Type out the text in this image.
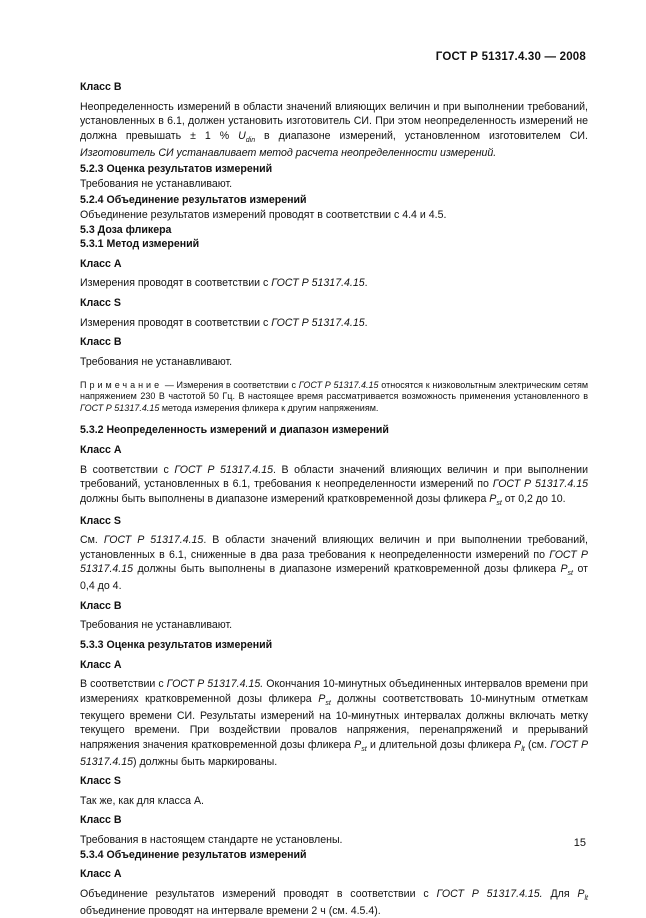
ГОСТ Р 51317.4.30 — 2008
Класс В

Неопределенность измерений в области значений влияющих величин и при выполнении требований, установленных в 6.1, должен установить изготовитель СИ. При этом неопределенность измерений не должна превышать ± 1 % $U_{din}$ в диапазоне измерений, установленном изготовителем СИ. Изготовитель СИ устанавливает метод расчета неопределенности измерений.

5.2.3 Оценка результатов измерений

Требования не устанавливают.

5.2.4 Объединение результатов измерений

Объединение результатов измерений проводят в соответствии с 4.4 и 4.5.

5.3 Доза фликера
5.3.1 Метод измерений
Класс А

Измерения проводят в соответствии с ГОСТ Р 51317.4.15.

Класс S

Измерения проводят в соответствии с ГОСТ Р 51317.4.15.

Класс В

Требования не устанавливают.

Примечание — Измерения в соответствии с ГОСТ Р 51317.4.15 относятся к низковольтным электрическим сетям напряжением 230 В частотой 50 Гц. В настоящее время рассматривается возможность применения установленного в ГОСТ Р 51317.4.15 метода измерения фликера к другим напряжениям.

5.3.2 Неопределенность измерений и диапазон измерений
Класс А

В соответствии с ГОСТ Р 51317.4.15. В области значений влияющих величин и при выполнении требований, установленных в 6.1, требования к неопределенности измерений по ГОСТ Р 51317.4.15 должны быть выполнены в диапазоне измерений кратковременной дозы фликера $P_{st}$ от 0,2 до 10.

Класс S

См. ГОСТ Р 51317.4.15. В области значений влияющих величин и при выполнении требований, установленных в 6.1, сниженные в два раза требования к неопределенности измерений по ГОСТ Р 51317.4.15 должны быть выполнены в диапазоне измерений кратковременной дозы фликера $P_{st}$ от 0,4 до 4.

Класс В

Требования не устанавливают.

5.3.3 Оценка результатов измерений
Класс А

В соответствии с ГОСТ Р 51317.4.15. Окончания 10-минутных объединенных интервалов времени при измерениях кратковременной дозы фликера $P_{st}$ должны соответствовать 10-минутным отметкам текущего времени СИ. Результаты измерений на 10-минутных интервалах должны включать метку текущего времени. При воздействии провалов напряжения, перенапряжений и прерываний напряжения значения кратковременной дозы фликера $P_{st}$ и длительной дозы фликера $P_{lt}$ (см. ГОСТ Р 51317.4.15) должны быть маркированы.

Класс S

Так же, как для класса А.

Класс В

Требования в настоящем стандарте не установлены.

5.3.4 Объединение результатов измерений
Класс А

Объединение результатов измерений проводят в соответствии с ГОСТ Р 51317.4.15. Для $P_{lt}$ объединение проводят на интервале времени 2 ч (см. 4.5.4).

15
